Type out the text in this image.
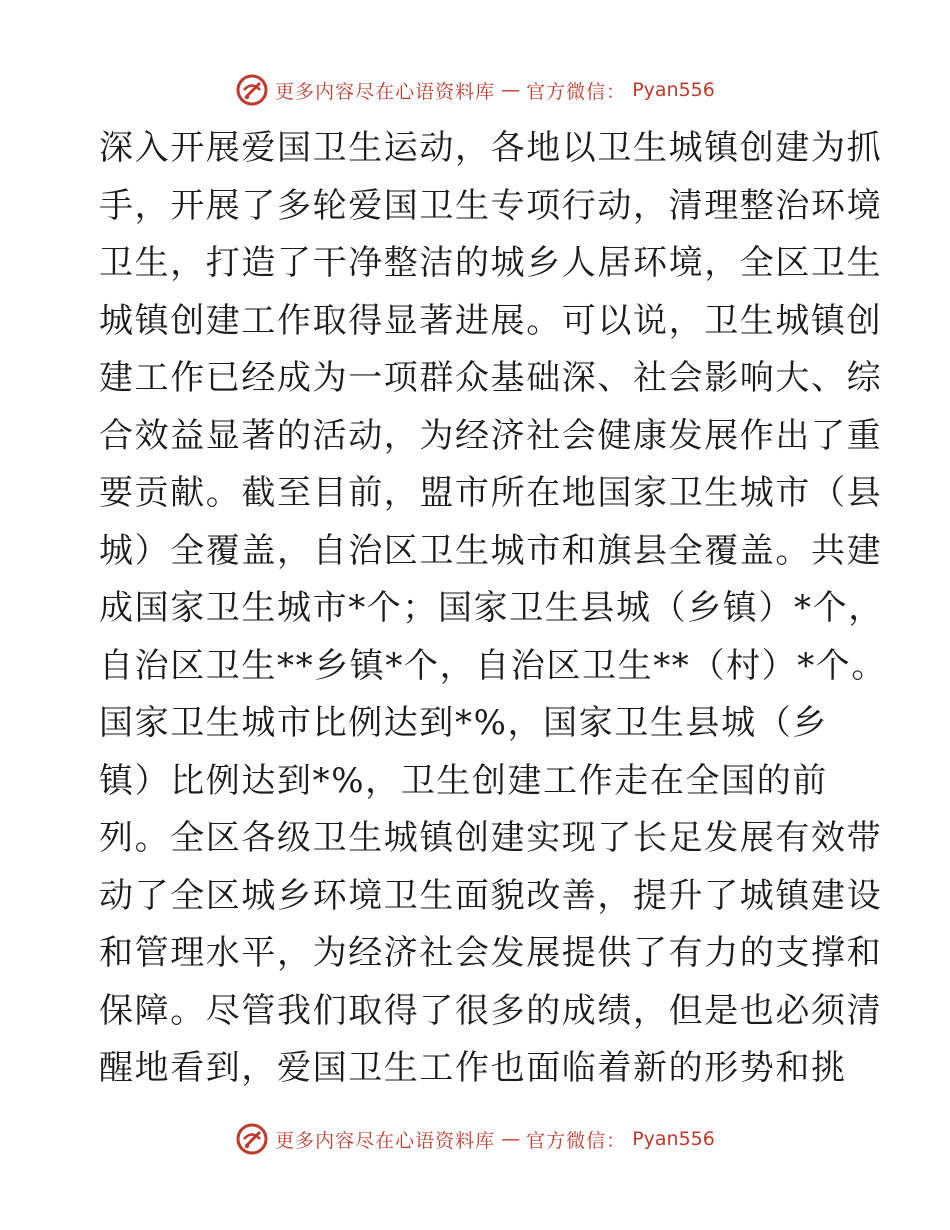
更多内容尽在心语资料库 — 官方微信： Pyan556
深入开展爱国卫生运动，各地以卫生城镇创建为抓
手，开展了多轮爱国卫生专项行动，清理整治环境
卫生，打造了干净整洁的城乡人居环境，全区卫生
城镇创建工作取得显著进展。可以说，卫生城镇创
建工作已经成为一项群众基础深、社会影响大、综
合效益显著的活动，为经济社会健康发展作出了重
要贡献。截至目前，盟市所在地国家卫生城市（县
城）全覆盖，自治区卫生城市和旗县全覆盖。共建
成国家卫生城市*个；国家卫生县城（乡镇）*个，
自治区卫生**乡镇*个，自治区卫生**（村）*个。
国家卫生城市比例达到*%，国家卫生县城（乡
镇）比例达到*%，卫生创建工作走在全国的前
列。全区各级卫生城镇创建实现了长足发展有效带
动了全区城乡环境卫生面貌改善，提升了城镇建设
和管理水平，为经济社会发展提供了有力的支撑和
保障。尽管我们取得了很多的成绩，但是也必须清
醒地看到，爱国卫生工作也面临着新的形势和挑
更多内容尽在心语资料库 — 官方微信： Pyan556
